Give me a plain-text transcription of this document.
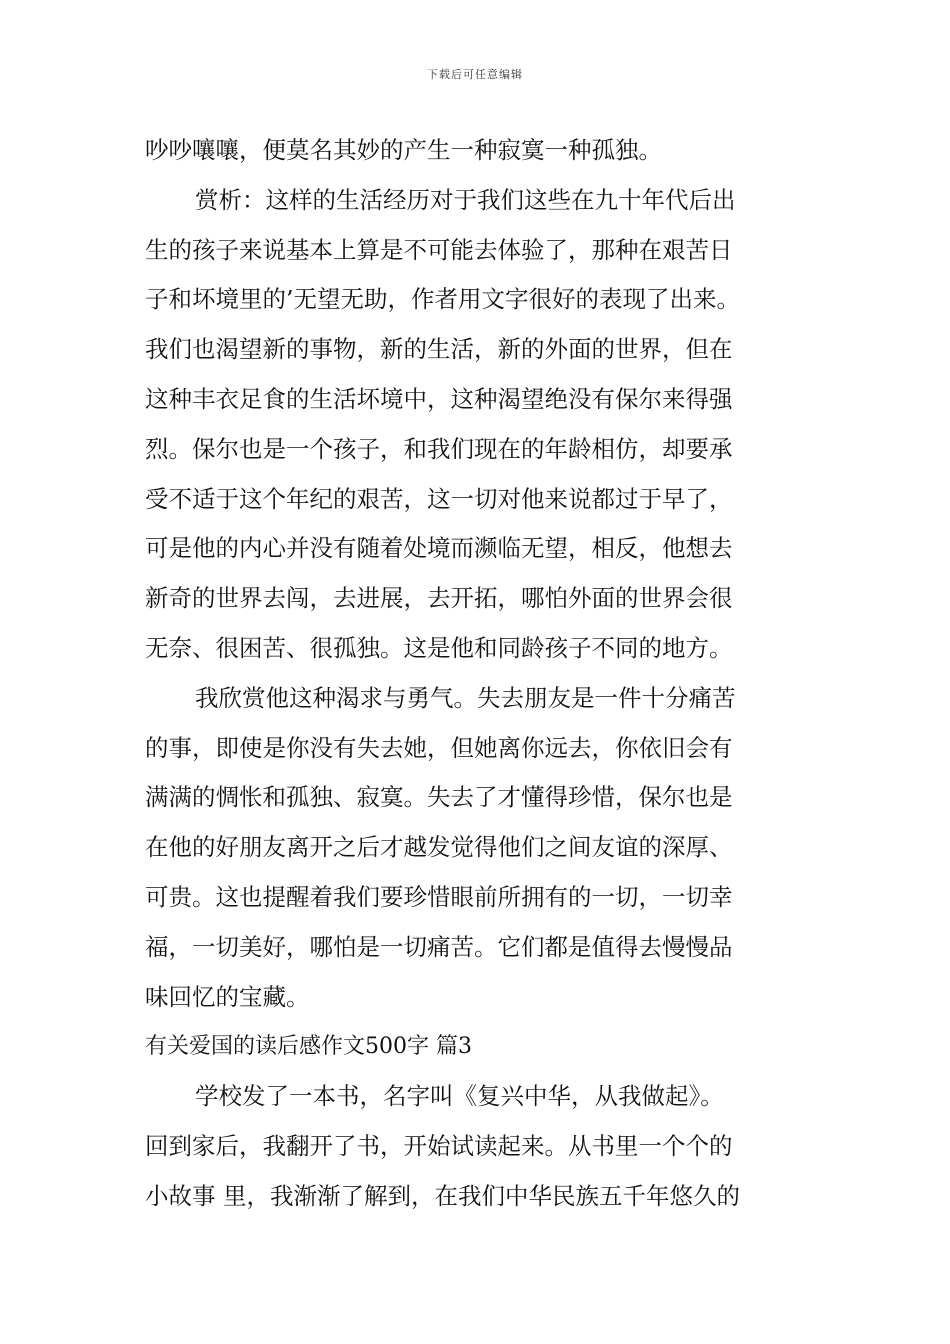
下载后可任意编辑
吵吵嚷嚷，便莫名其妙的产生一种寂寞一种孤独。
赏析：这样的生活经历对于我们这些在九十年代后出
生的孩子来说基本上算是不可能去体验了，那种在艰苦日
子和坏境里的’无望无助，作者用文字很好的表现了出来。
我们也渴望新的事物，新的生活，新的外面的世界，但在
这种丰衣足食的生活坏境中，这种渴望绝没有保尔来得强
烈。保尔也是一个孩子，和我们现在的年龄相仿，却要承
受不适于这个年纪的艰苦，这一切对他来说都过于早了，
可是他的内心并没有随着处境而濒临无望，相反，他想去
新奇的世界去闯，去进展，去开拓，哪怕外面的世界会很
无奈、很困苦、很孤独。这是他和同龄孩子不同的地方。
我欣赏他这种渴求与勇气。失去朋友是一件十分痛苦
的事，即使是你没有失去她，但她离你远去，你依旧会有
满满的惆怅和孤独、寂寞。失去了才懂得珍惜，保尔也是
在他的好朋友离开之后才越发觉得他们之间友谊的深厚、
可贵。这也提醒着我们要珍惜眼前所拥有的一切，一切幸
福，一切美好，哪怕是一切痛苦。它们都是值得去慢慢品
味回忆的宝藏。
有关爱国的读后感作文500字 篇3
学校发了一本书，名字叫《复兴中华，从我做起》。
回到家后，我翻开了书，开始试读起来。从书里一个个的
小故事 里，我渐渐了解到，在我们中华民族五千年悠久的
